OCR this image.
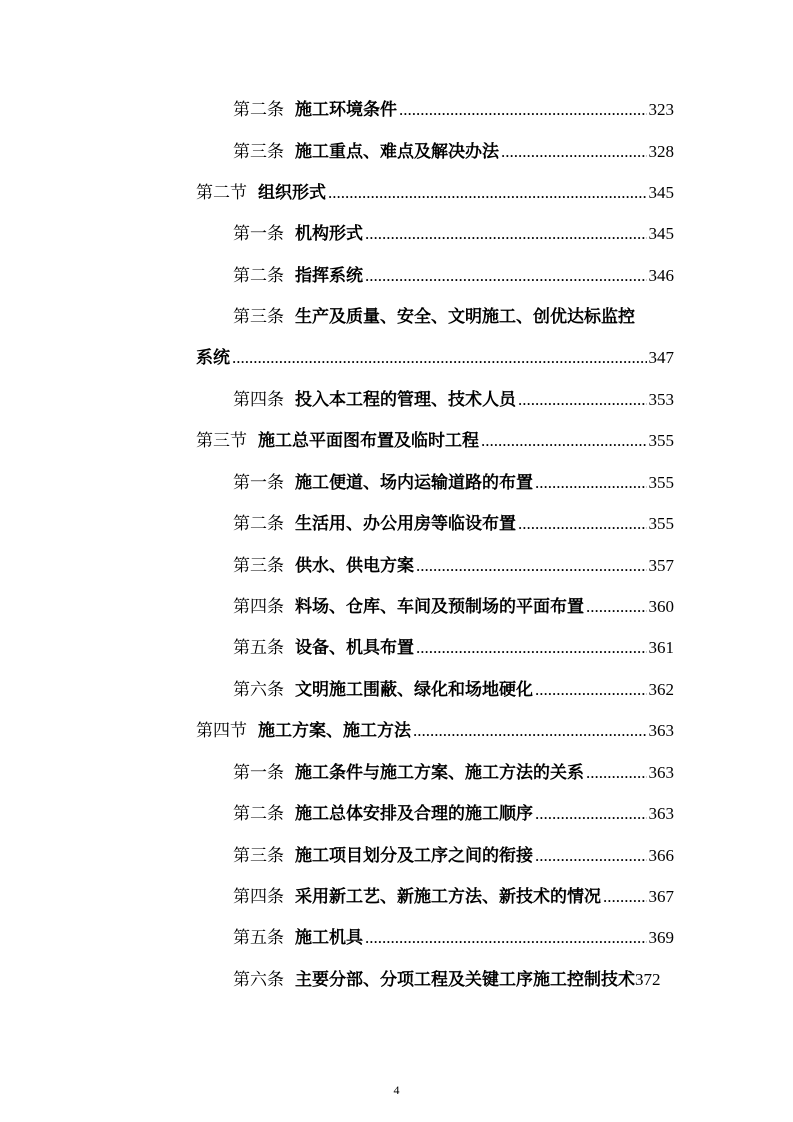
第二条 施工环境条件 .....	323
第三条 施工重点、难点及解决办法 .....	328
第二节 组织形式 .....	345
第一条 机构形式 .....	345
第二条 指挥系统 .....	346
第三条 生产及质量、安全、文明施工、创优达标监控
系统 .....	347
第四条 投入本工程的管理、技术人员 .....	353
第三节 施工总平面图布置及临时工程 .....	355
第一条 施工便道、场内运输道路的布置 .....	355
第二条 生活用、办公用房等临设布置 .....	355
第三条 供水、供电方案 .....	357
第四条 料场、仓库、车间及预制场的平面布置 .....	360
第五条 设备、机具布置 .....	361
第六条 文明施工围蔽、绿化和场地硬化 .....	362
第四节 施工方案、施工方法 .....	363
第一条 施工条件与施工方案、施工方法的关系 .....	363
第二条 施工总体安排及合理的施工顺序 .....	363
第三条 施工项目划分及工序之间的衔接 .....	366
第四条 采用新工艺、新施工方法、新技术的情况 .....	367
第五条 施工机具 .....	369
第六条 主要分部、分项工程及关键工序施工控制技术 372
4
